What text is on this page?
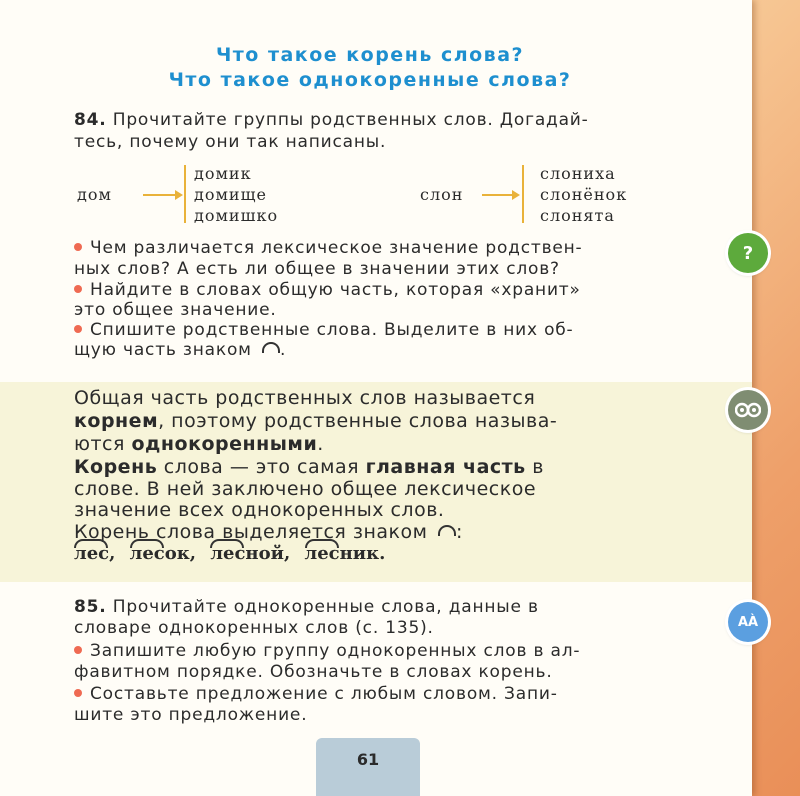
Что такое корень слова?
Что такое однокоренные слова?
84. Прочитайте группы родственных слов. Догадай-
тесь, почему они так написаны.
дом
домик
домище
домишко
слон
слониха
слонёнок
слонята
Чем различается лексическое значение родствен-
ных слов? А есть ли общее в значении этих слов?
Найдите в словах общую часть, которая «хранит»
это общее значение.
Спишите родственные слова. Выделите в них об-
щую часть знаком .
Общая часть родственных слов называется
корнем, поэтому родственные слова называ-
ются однокоренными.
Корень слова — это самая главная часть в
слове. В ней заключено общее лексическое
значение всех однокоренных слов.
Корень слова выделяется знаком :
лес, лесок, лесной, лесник.
85. Прочитайте однокоренные слова, данные в
словаре однокоренных слов (с. 135).
Запишите любую группу однокоренных слов в ал-
фавитном порядке. Обозначьте в словах корень.
Составьте предложение с любым словом. Запи-
шите это предложение.
61
?
AÀ
